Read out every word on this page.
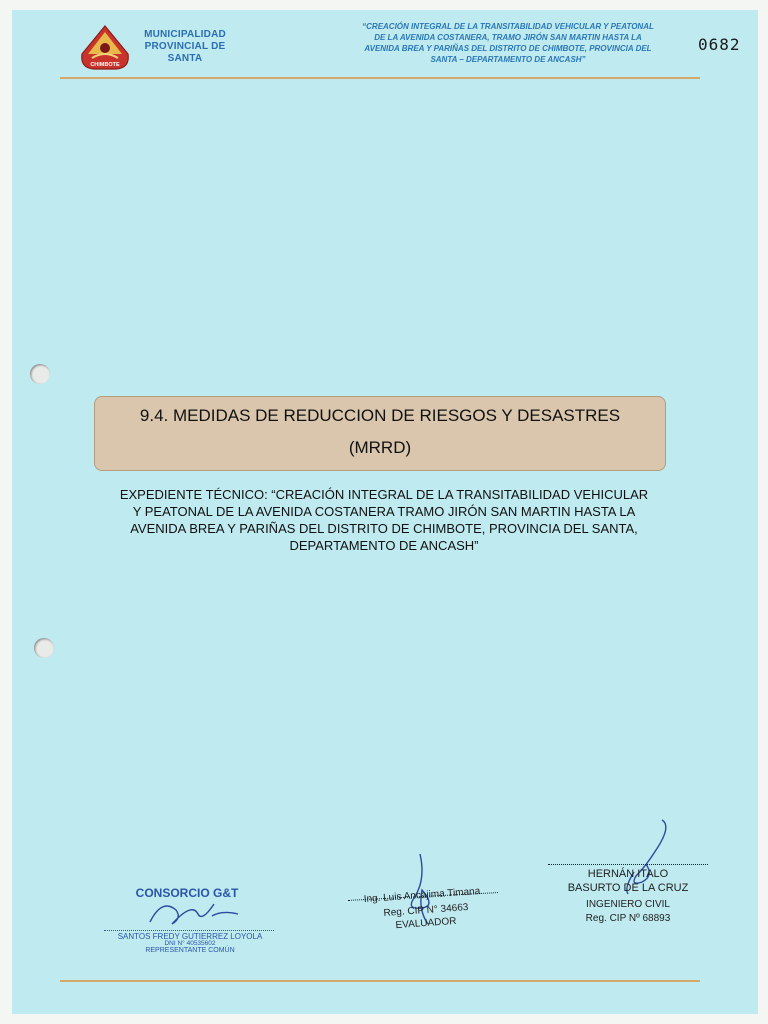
CHIMBOTE
MUNICIPALIDAD
PROVINCIAL DE
SANTA
“CREACIÓN INTEGRAL DE LA TRANSITABILIDAD VEHICULAR Y PEATONAL
DE LA AVENIDA COSTANERA, TRAMO JIRÓN SAN MARTIN HASTA LA
AVENIDA BREA Y PARIÑAS DEL DISTRITO DE CHIMBOTE, PROVINCIA DEL
SANTA – DEPARTAMENTO DE ANCASH”
0682
9.4. MEDIDAS DE REDUCCION DE RIESGOS Y DESASTRES
(MRRD)
EXPEDIENTE TÉCNICO: “CREACIÓN INTEGRAL DE LA TRANSITABILIDAD VEHICULAR
Y PEATONAL DE LA AVENIDA COSTANERA TRAMO JIRÓN SAN MARTIN HASTA LA
AVENIDA BREA Y PARIÑAS DEL DISTRITO DE CHIMBOTE, PROVINCIA DEL SANTA,
DEPARTAMENTO DE ANCASH”
CONSORCIO G&T
SANTOS FREDY GUTIERREZ LOYOLA
DNI N° 40535602
REPRESENTANTE COMÚN
Ing. Luis Ancajima Timana
Reg. CIP N° 34663
EVALUADOR
HERNÁN ITALO
BASURTO DE LA CRUZ
INGENIERO CIVIL
Reg. CIP Nº 68893
